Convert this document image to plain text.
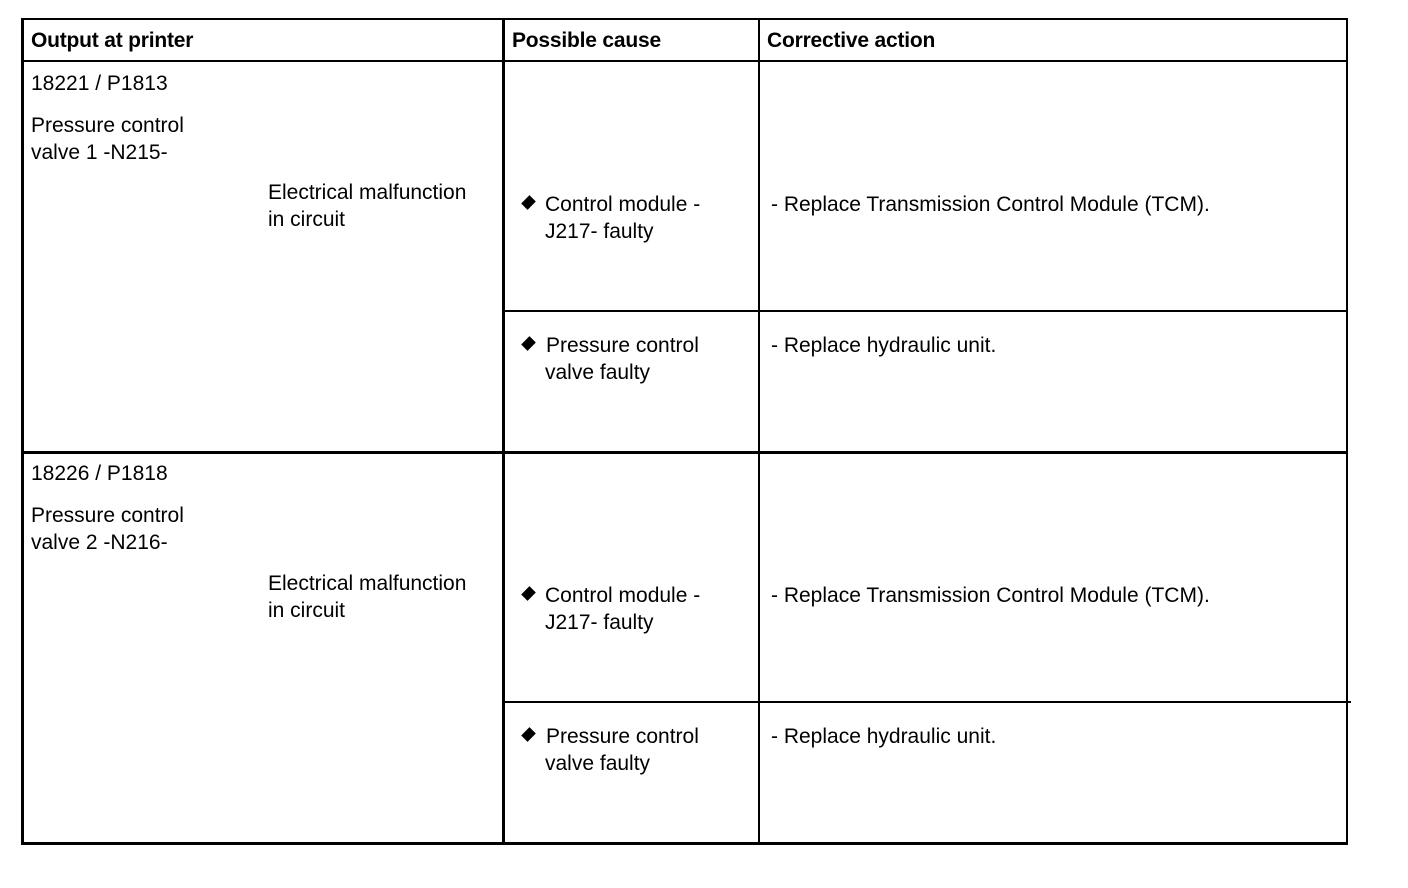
Output at printer	Possible cause	Corrective action
18221 / P1813
Pressure control
valve 1 -N215-
Electrical malfunction
in circuit
Control module -
J217- faulty
- Replace Transmission Control Module (TCM).
Pressure control
valve faulty
- Replace hydraulic unit.
18226 / P1818
Pressure control
valve 2 -N216-
Electrical malfunction
in circuit
Control module -
J217- faulty
- Replace Transmission Control Module (TCM).
Pressure control
valve faulty
- Replace hydraulic unit.
